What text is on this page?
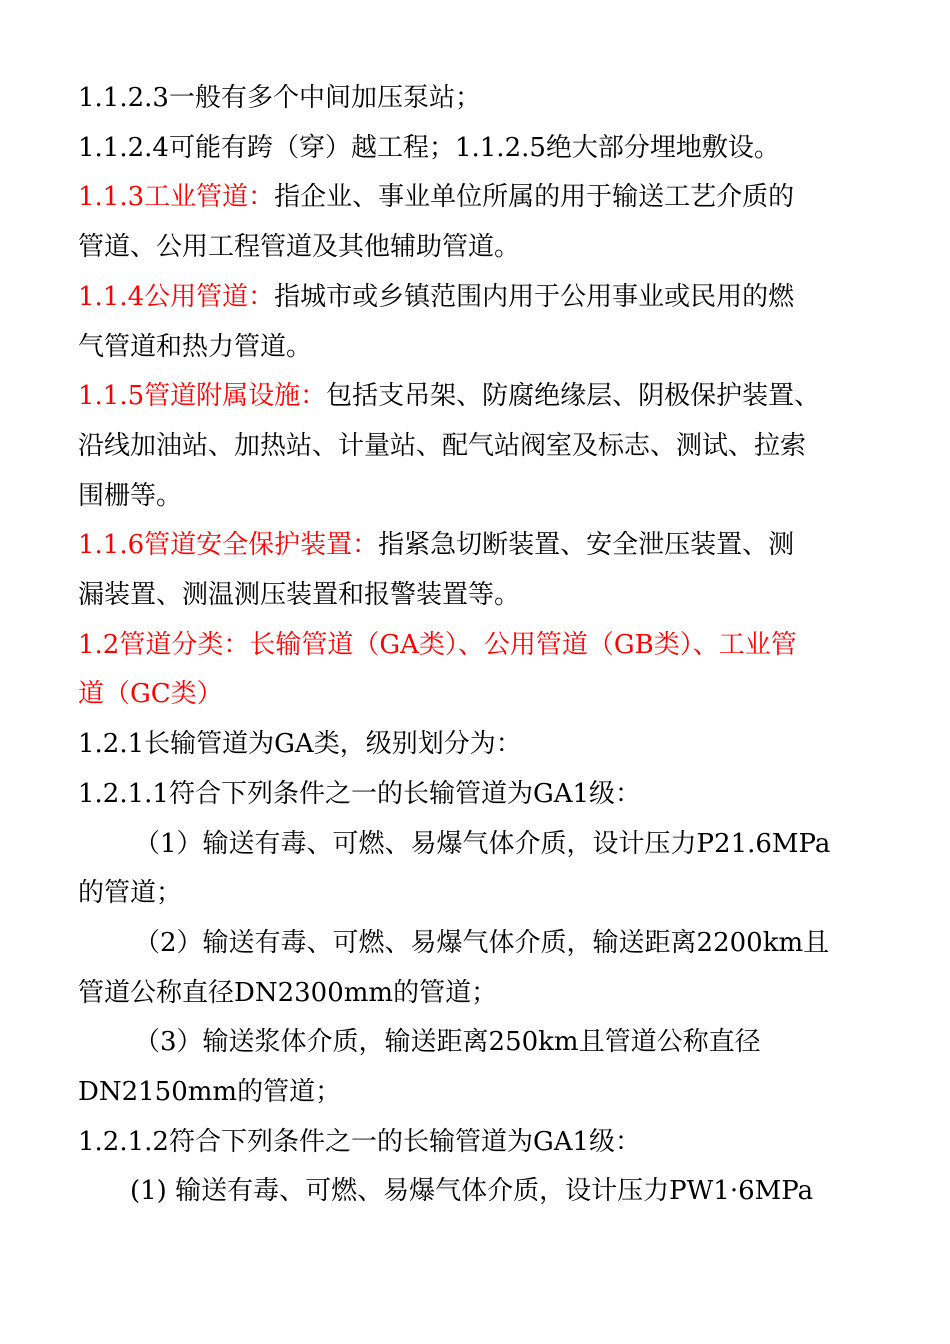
1.1.2.3一般有多个中间加压泵站；
1.1.2.4可能有跨（穿）越工程；1.1.2.5绝大部分埋地敷设。
1.1.3工业管道：指企业、事业单位所属的用于输送工艺介质的
管道、公用工程管道及其他辅助管道。
1.1.4公用管道：指城市或乡镇范围内用于公用事业或民用的燃
气管道和热力管道。
1.1.5管道附属设施：包括支吊架、防腐绝缘层、阴极保护装置、
沿线加油站、加热站、计量站、配气站阀室及标志、测试、拉索
围栅等。
1.1.6管道安全保护装置：指紧急切断装置、安全泄压装置、测
漏装置、测温测压装置和报警装置等。
1.2管道分类：长输管道（GA类）、公用管道（GB类）、工业管
道（GC类）
1.2.1长输管道为GA类，级别划分为：
1.2.1.1符合下列条件之一的长输管道为GA1级：
（1）输送有毒、可燃、易爆气体介质，设计压力P21.6MPa
的管道；
（2）输送有毒、可燃、易爆气体介质，输送距离2200km且
管道公称直径DN2300mm的管道；
（3）输送浆体介质，输送距离250km且管道公称直径
DN2150mm的管道；
1.2.1.2符合下列条件之一的长输管道为GA1级：
(1) 输送有毒、可燃、易爆气体介质，设计压力PW1·6MPa
